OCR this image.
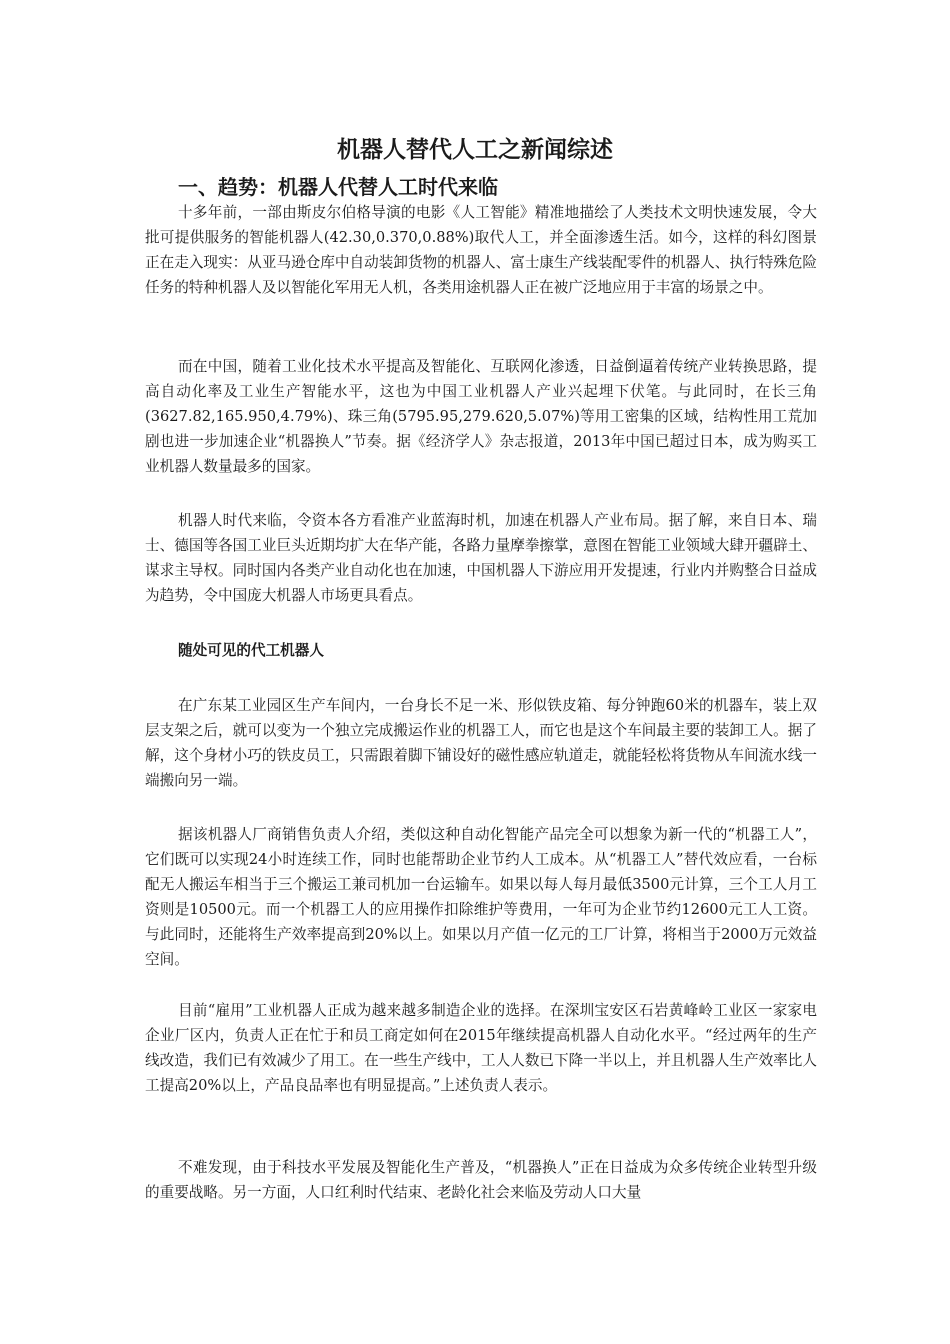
机器人替代人工之新闻综述
一、趋势：机器人代替人工时代来临

十多年前，一部由斯皮尔伯格导演的电影《人工智能》精准地描绘了人类技术文明快速发展，令大批可提供服务的智能机器人(42.30,0.370,0.88%)取代人工，并全面渗透生活。如今，这样的科幻图景正在走入现实：从亚马逊仓库中自动装卸货物的机器人、富士康生产线装配零件的机器人、执行特殊危险任务的特种机器人及以智能化军用无人机，各类用途机器人正在被广泛地应用于丰富的场景之中。

而在中国，随着工业化技术水平提高及智能化、互联网化渗透，日益倒逼着传统产业转换思路，提高自动化率及工业生产智能水平，这也为中国工业机器人产业兴起埋下伏笔。与此同时，在长三角(3627.82,165.950,4.79%)、珠三角(5795.95,279.620,5.07%)等用工密集的区域，结构性用工荒加剧也进一步加速企业“机器换人”节奏。据《经济学人》杂志报道，2013年中国已超过日本，成为购买工业机器人数量最多的国家。

机器人时代来临，令资本各方看准产业蓝海时机，加速在机器人产业布局。据了解，来自日本、瑞士、德国等各国工业巨头近期均扩大在华产能，各路力量摩拳擦掌，意图在智能工业领域大肆开疆辟土、谋求主导权。同时国内各类产业自动化也在加速，中国机器人下游应用开发提速，行业内并购整合日益成为趋势，令中国庞大机器人市场更具看点。

随处可见的代工机器人

在广东某工业园区生产车间内，一台身长不足一米、形似铁皮箱、每分钟跑60米的机器车，装上双层支架之后，就可以变为一个独立完成搬运作业的机器工人，而它也是这个车间最主要的装卸工人。据了解，这个身材小巧的铁皮员工，只需跟着脚下铺设好的磁性感应轨道走，就能轻松将货物从车间流水线一端搬向另一端。

据该机器人厂商销售负责人介绍，类似这种自动化智能产品完全可以想象为新一代的“机器工人”，它们既可以实现24小时连续工作，同时也能帮助企业节约人工成本。从“机器工人”替代效应看，一台标配无人搬运车相当于三个搬运工兼司机加一台运输车。如果以每人每月最低3500元计算，三个工人月工资则是10500元。而一个机器工人的应用操作扣除维护等费用，一年可为企业节约12600元工人工资。与此同时，还能将生产效率提高到20%以上。如果以月产值一亿元的工厂计算，将相当于2000万元效益空间。

目前“雇用”工业机器人正成为越来越多制造企业的选择。在深圳宝安区石岩黄峰岭工业区一家家电企业厂区内，负责人正在忙于和员工商定如何在2015年继续提高机器人自动化水平。“经过两年的生产线改造，我们已有效减少了用工。在一些生产线中，工人人数已下降一半以上，并且机器人生产效率比人工提高20%以上，产品良品率也有明显提高。”上述负责人表示。

不难发现，由于科技水平发展及智能化生产普及，“机器换人”正在日益成为众多传统企业转型升级的重要战略。另一方面，人口红利时代结束、老龄化社会来临及劳动人口大量
